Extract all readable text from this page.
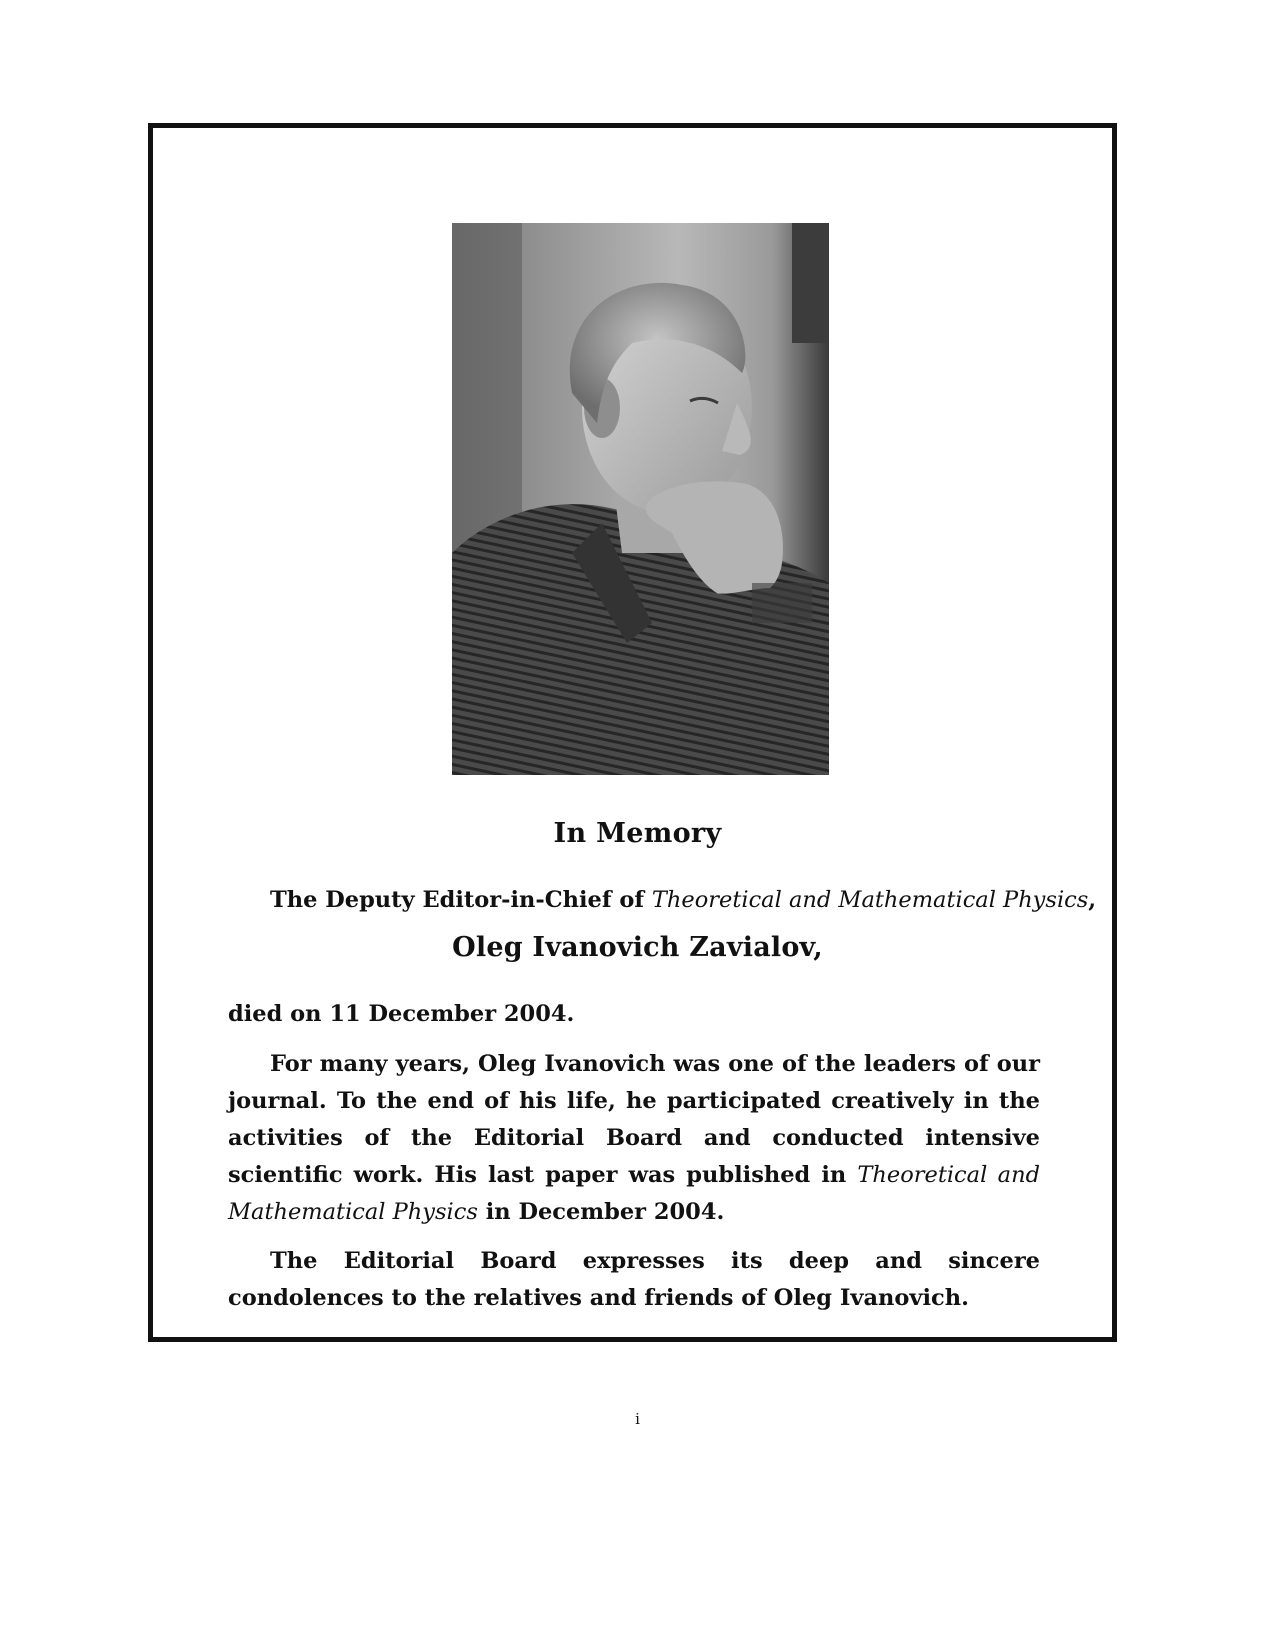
In Memory
The Deputy Editor-in-Chief of Theoretical and Mathematical Physics,
Oleg Ivanovich Zavialov,
died on 11 December 2004.
For many years, Oleg Ivanovich was one of the leaders of our journal. To the end of his life, he participated creatively in the activities of the Editorial Board and conducted intensive scientific work. His last paper was published in Theoretical and Mathematical Physics in December 2004.
The Editorial Board expresses its deep and sincere condolences to the relatives and friends of Oleg Ivanovich.
i
